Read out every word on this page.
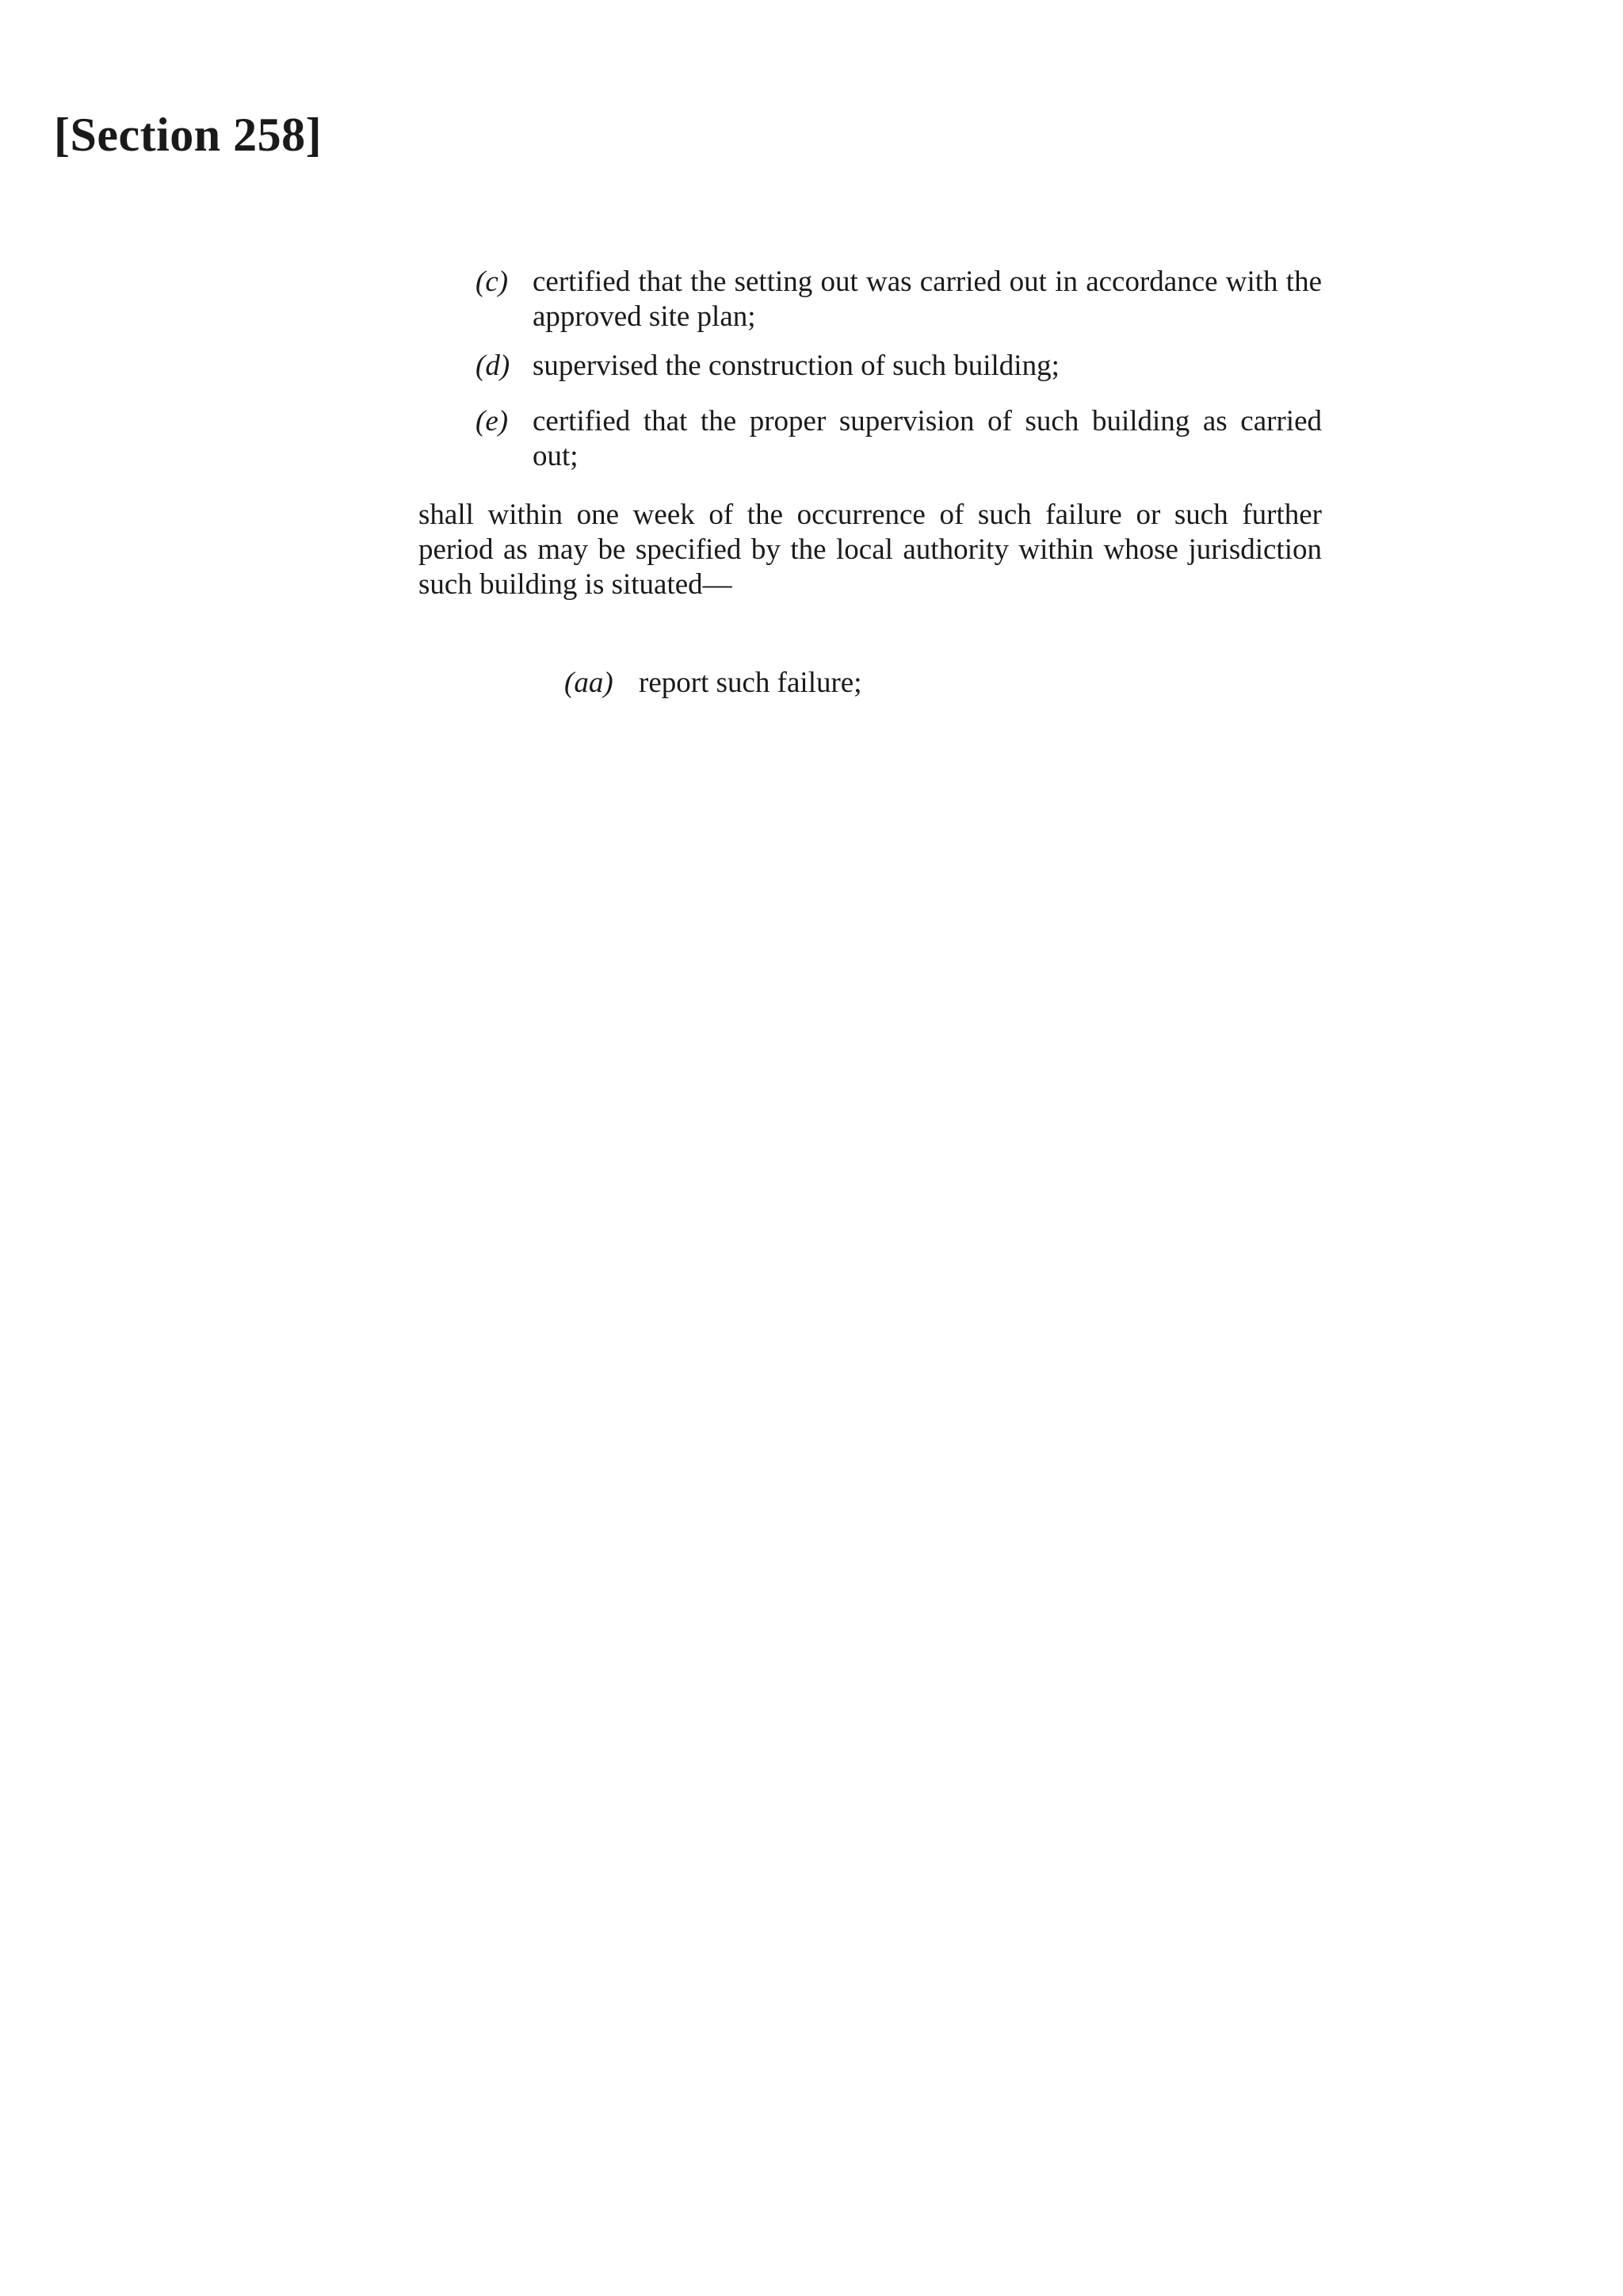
[Section 258]
(c) certified that the setting out was carried out in accordance with the approved site plan;
(d) supervised the construction of such building;
(e) certified that the proper supervision of such building as carried out;
shall within one week of the occurrence of such failure or such further period as may be specified by the local authority within whose jurisdiction such building is situated—
(aa) report such failure;
